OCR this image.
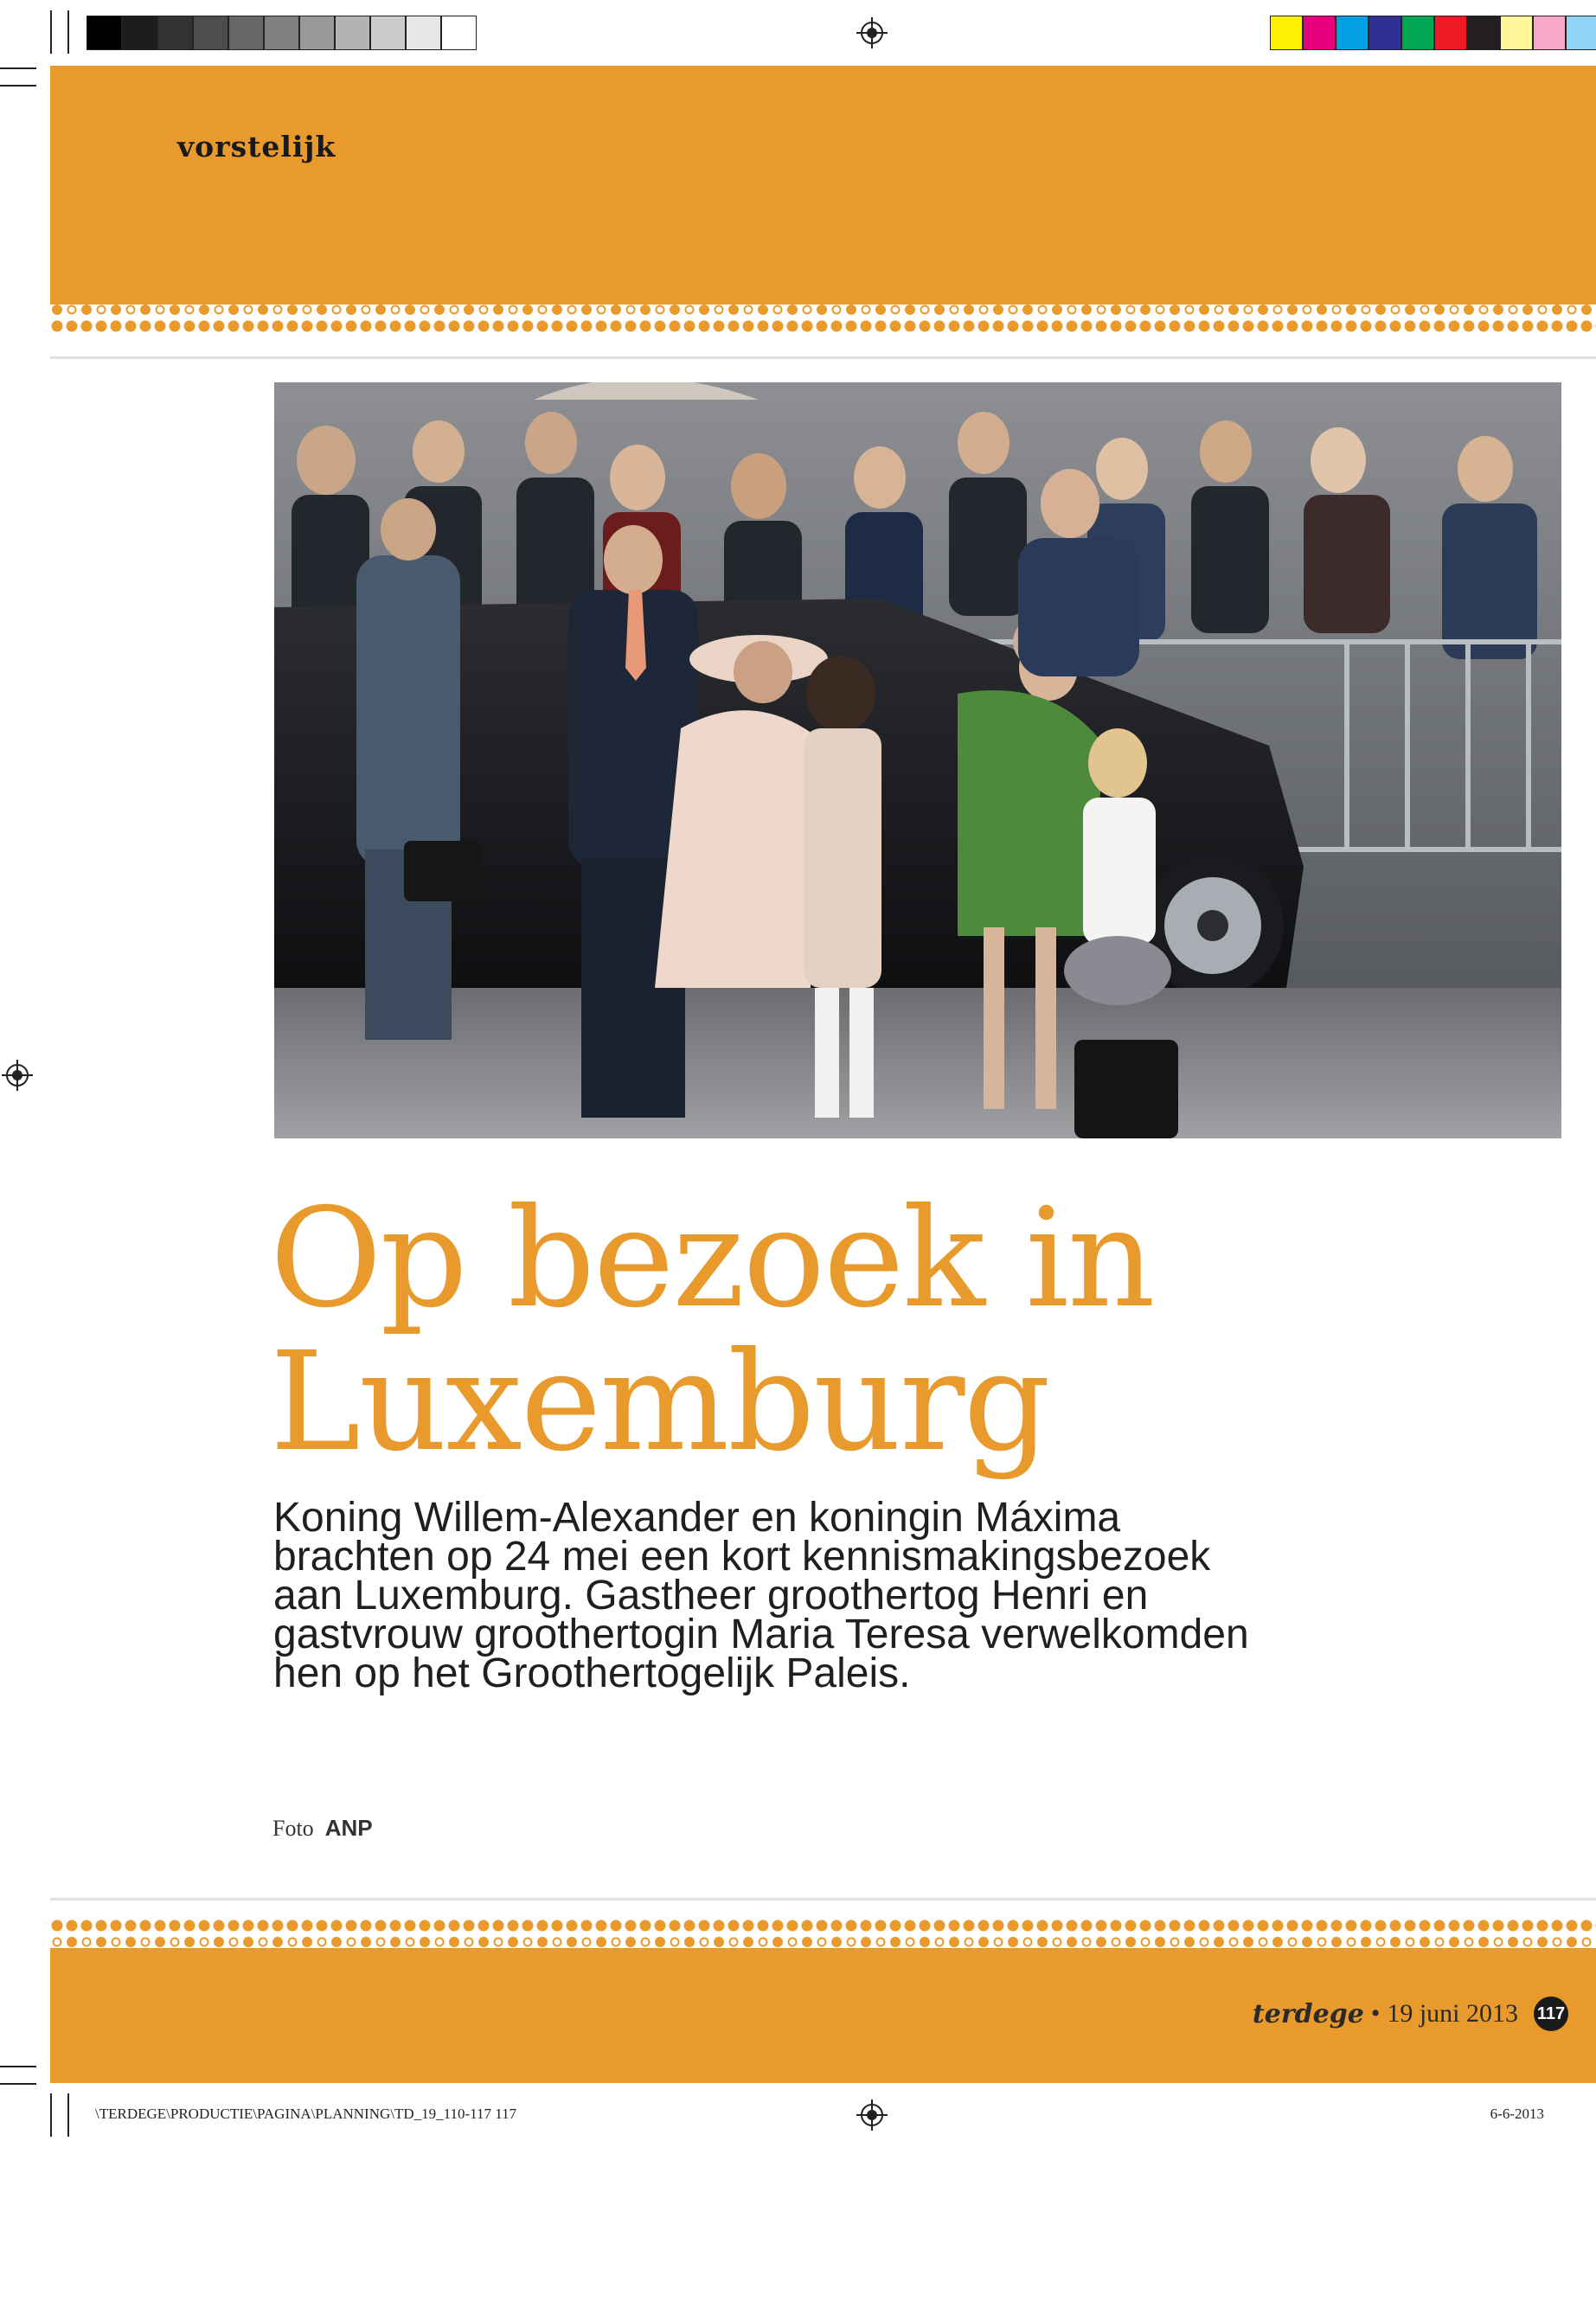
vorstelijk
Op bezoek in
Luxemburg
Koning Willem-Alexander en koningin Máxima
brachten op 24 mei een kort kennismakingsbezoek
aan Luxemburg. Gastheer groothertog Henri en
gastvrouw groothertogin Maria Teresa verwelkomden
hen op het Groothertogelijk Paleis.
Foto ANP
terdege • 19 juni 2013 117
\TERDEGE\PRODUCTIE\PAGINA\PLANNING\TD_19_110-117 117	6-6-2013
